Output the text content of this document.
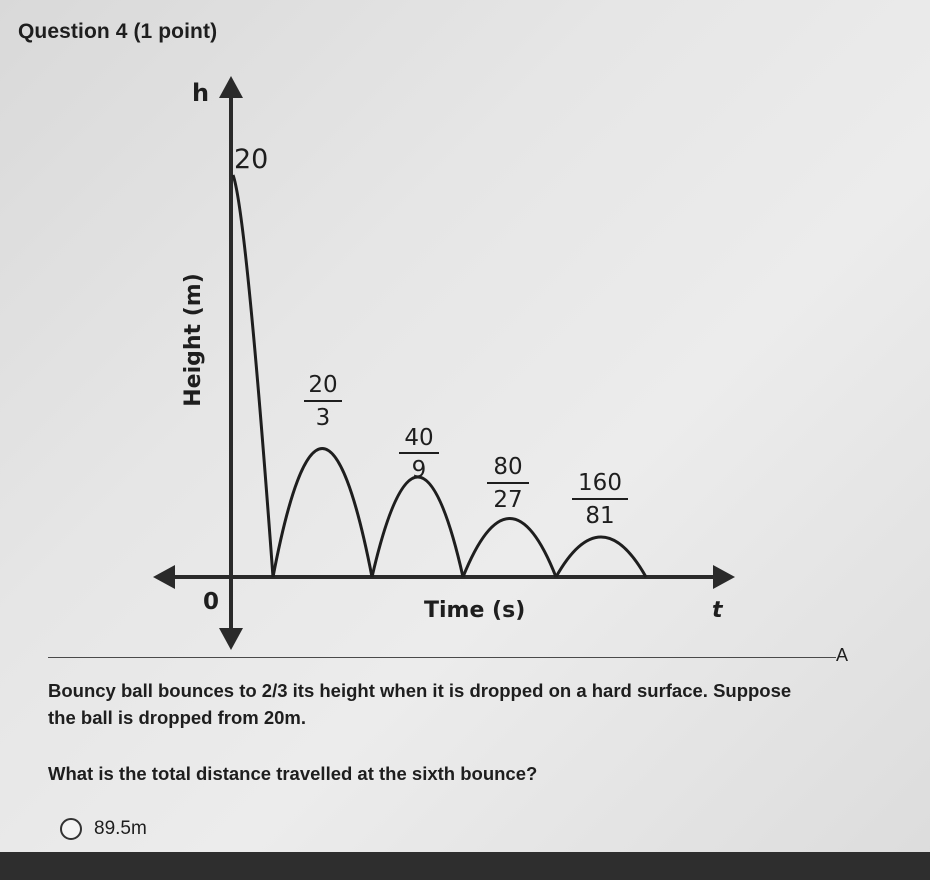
Question 4 (1 point)
h
Height (m)
0	Time (s)	t
20
20
3
40
9	80
27
160
81
A
Bouncy ball bounces to 2/3 its height when it is dropped on a hard surface. Suppose
the ball is dropped from 20m.
What is the total distance travelled at the sixth bounce?
89.5m
